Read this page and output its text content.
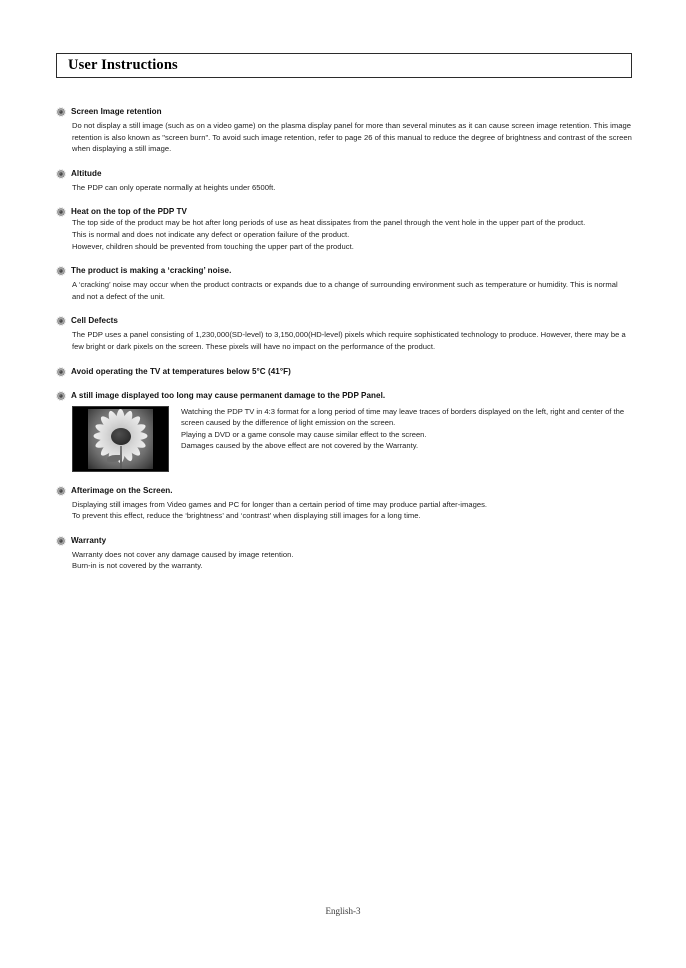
User Instructions
Screen Image retention

Do not display a still image (such as on a video game) on the plasma display panel for more than several minutes as it can cause screen image retention. This image retention is also known as "screen burn". To avoid such image retention, refer to page 26 of this manual to reduce the degree of brightness and contrast of the screen when displaying a still image.

Altitude

The PDP can only operate normally at heights under 6500ft.

Heat on the top of the PDP TV

The top side of the product may be hot after long periods of use as heat dissipates from the panel through the vent hole in the upper part of the product.

This is normal and does not indicate any defect or operation failure of the product.

However, children should be prevented from touching the upper part of the product.

The product is making a ‘cracking’ noise.

A ‘cracking’ noise may occur when the product contracts or expands due to a change of surrounding environment such as temperature or humidity. This is normal and not a defect of the unit.

Cell Defects

The PDP uses a panel consisting of 1,230,000(SD-level) to 3,150,000(HD-level) pixels which require sophisticated technology to produce. However, there may be a few bright or dark pixels on the screen. These pixels will have no impact on the performance of the product.

Avoid operating the TV at temperatures below 5°C (41°F)
A still image displayed too long may cause permanent damage to the PDP Panel.

Watching the PDP TV in 4:3 format for a long period of time may leave traces of borders displayed on the left, right and center of the screen caused by the difference of light emission on the screen.

Playing a DVD or a game console may cause similar effect to the screen.

Damages caused by the above effect are not covered by the Warranty.

Afterimage on the Screen.

Displaying still images from Video games and PC for longer than a certain period of time may produce partial after-images.

To prevent this effect, reduce the ‘brightness’ and ‘contrast’ when displaying still images for a long time.

Warranty

Warranty does not cover any damage caused by image retention.

Burn-in is not covered by the warranty.

English-3
